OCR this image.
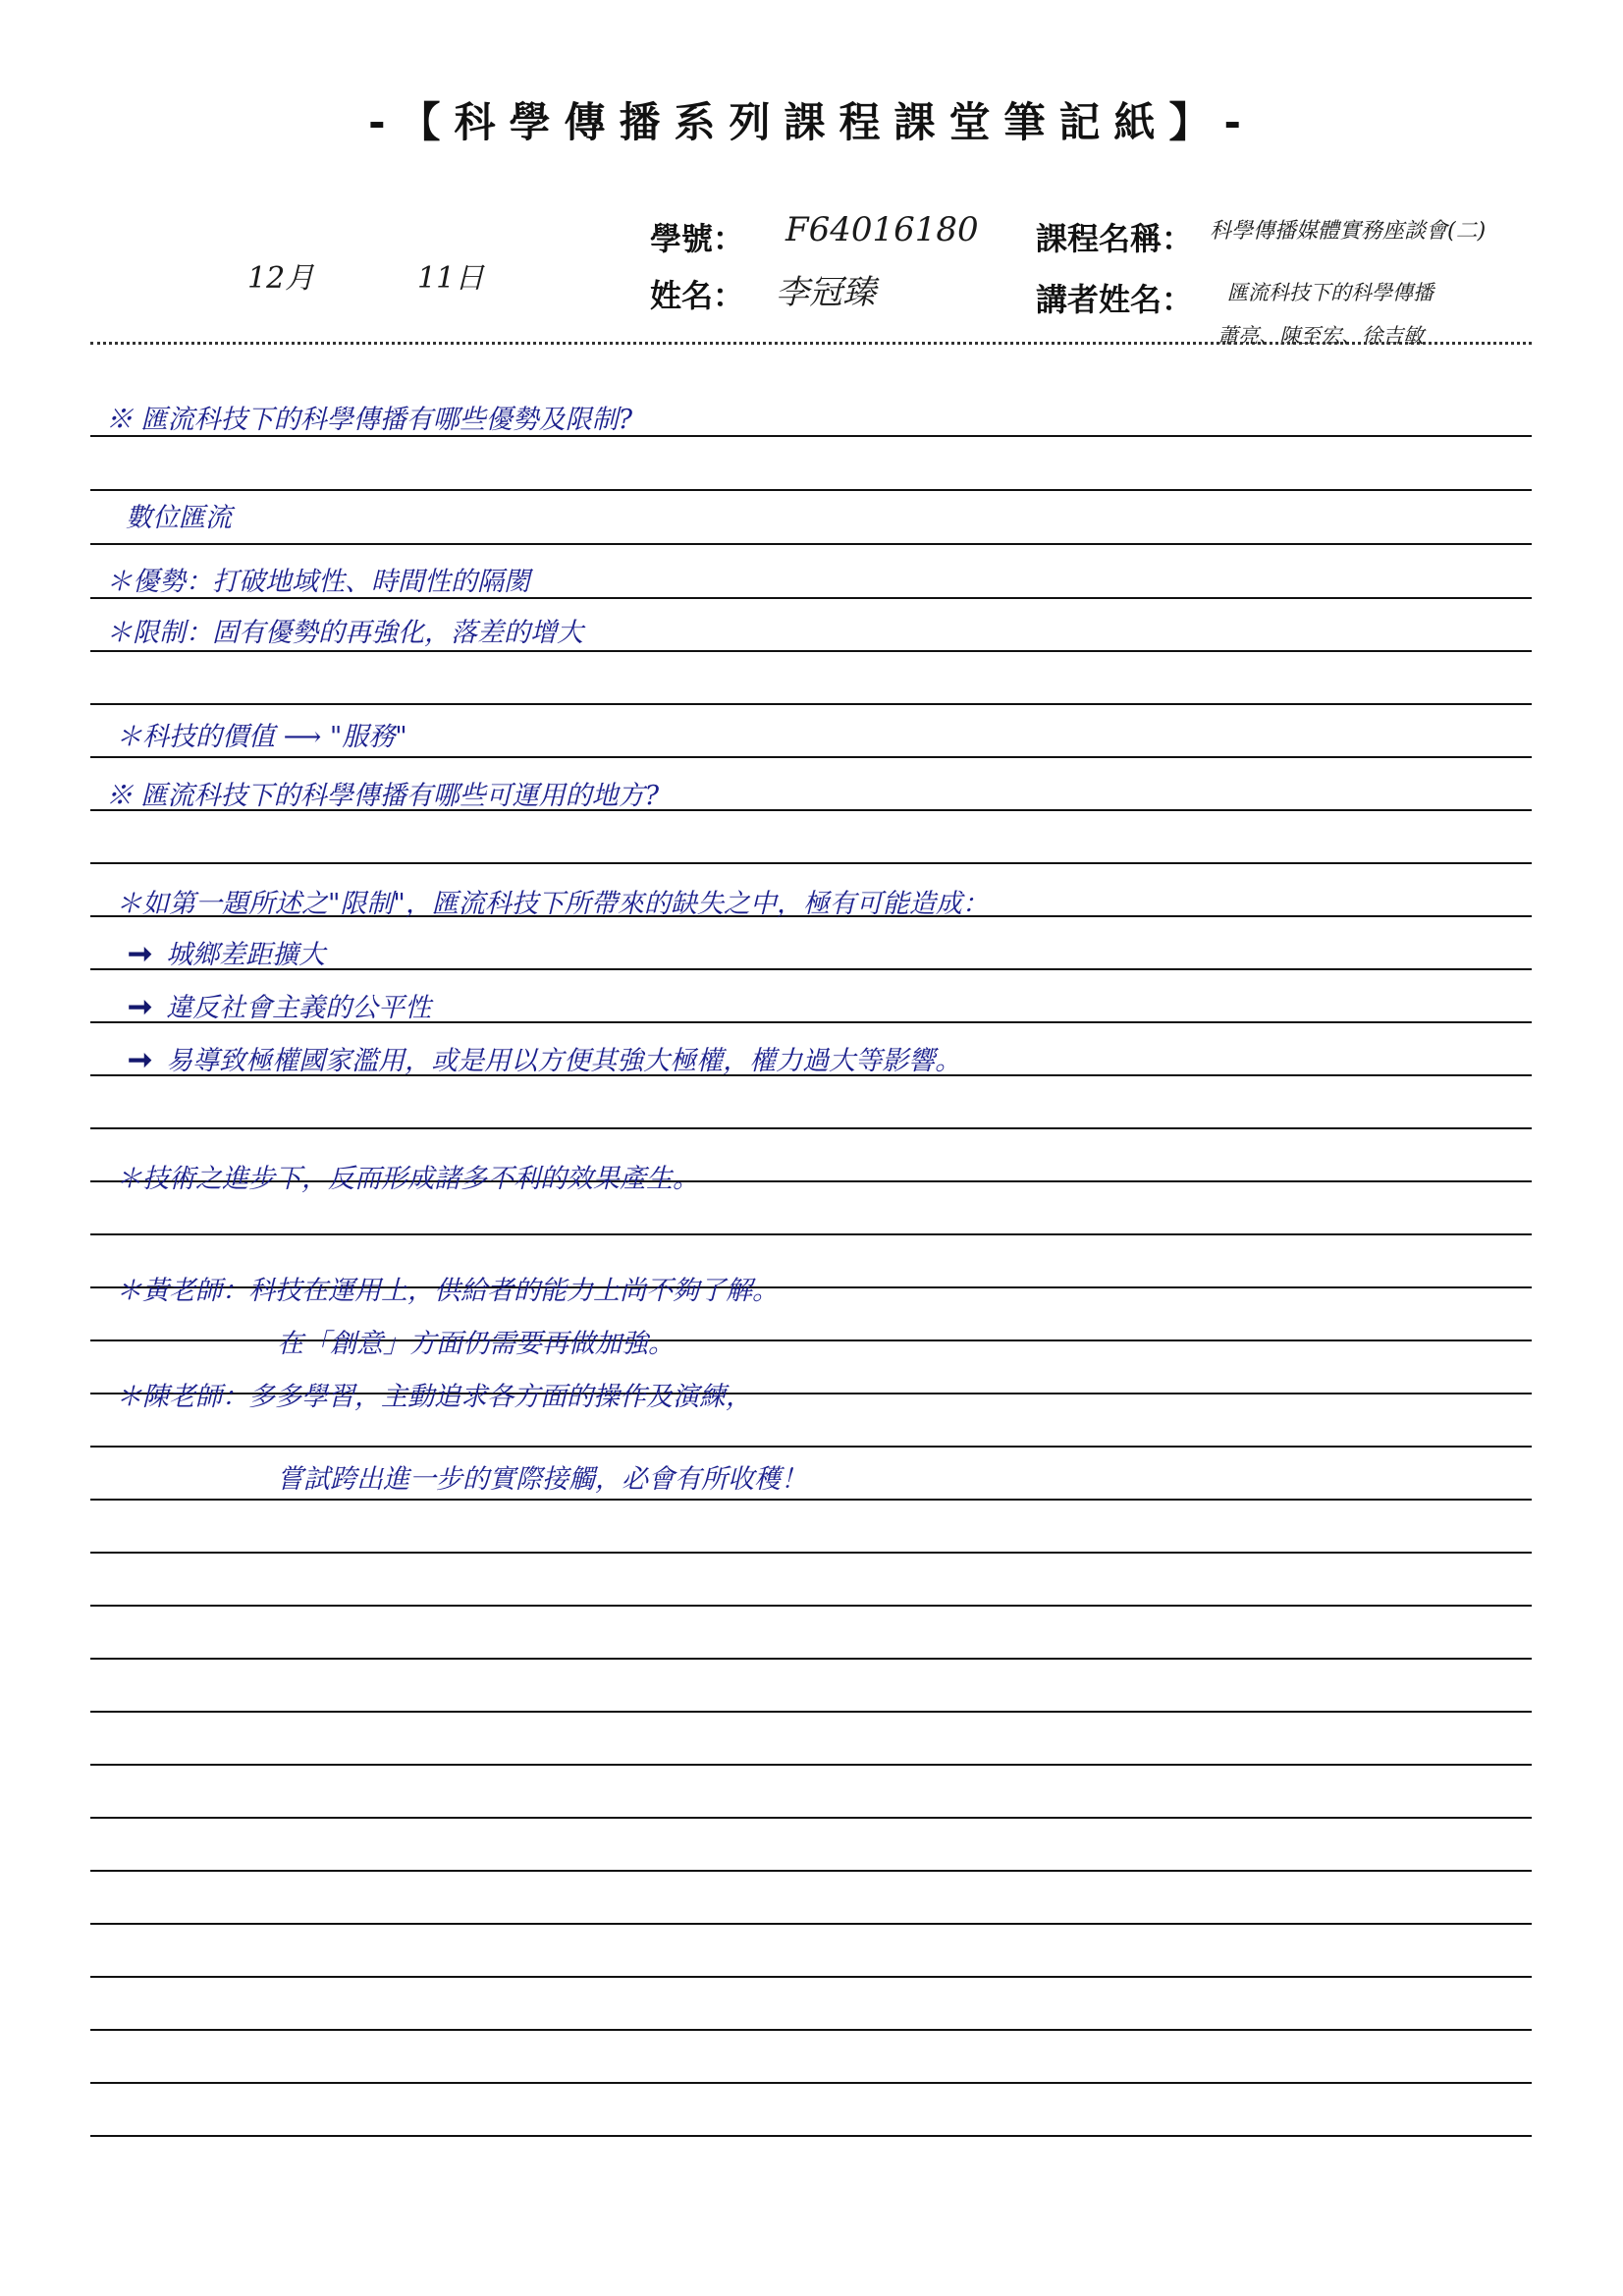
-【科學傳播系列課程課堂筆記紙】-
學號： F64016180
姓名： 李冠臻
課程名稱： 科學傳播媒體實務座談會(二)
講者姓名： 匯流科技下的科學傳播
蕭亮、陳至宏、徐吉敏
12月	11日
※ 匯流科技下的科學傳播有哪些優勢及限制?
數位匯流
＊優勢：打破地域性、時間性的隔閡
＊限制：固有優勢的再強化，落差的增大
＊科技的價值 ⟶ "服務"
※ 匯流科技下的科學傳播有哪些可運用的地方?
＊如第一題所述之"限制"，匯流科技下所帶來的缺失之中，極有可能造成：
➞ 城鄉差距擴大
➞ 違反社會主義的公平性
➞ 易導致極權國家濫用，或是用以方便其強大極權，權力過大等影響。
＊技術之進步下，反而形成諸多不利的效果產生。
＊黃老師：科技在運用上，供給者的能力上尚不夠了解。
在「創意」方面仍需要再做加強。
＊陳老師：多多學習，主動追求各方面的操作及演練，
嘗試跨出進一步的實際接觸，必會有所收穫！
